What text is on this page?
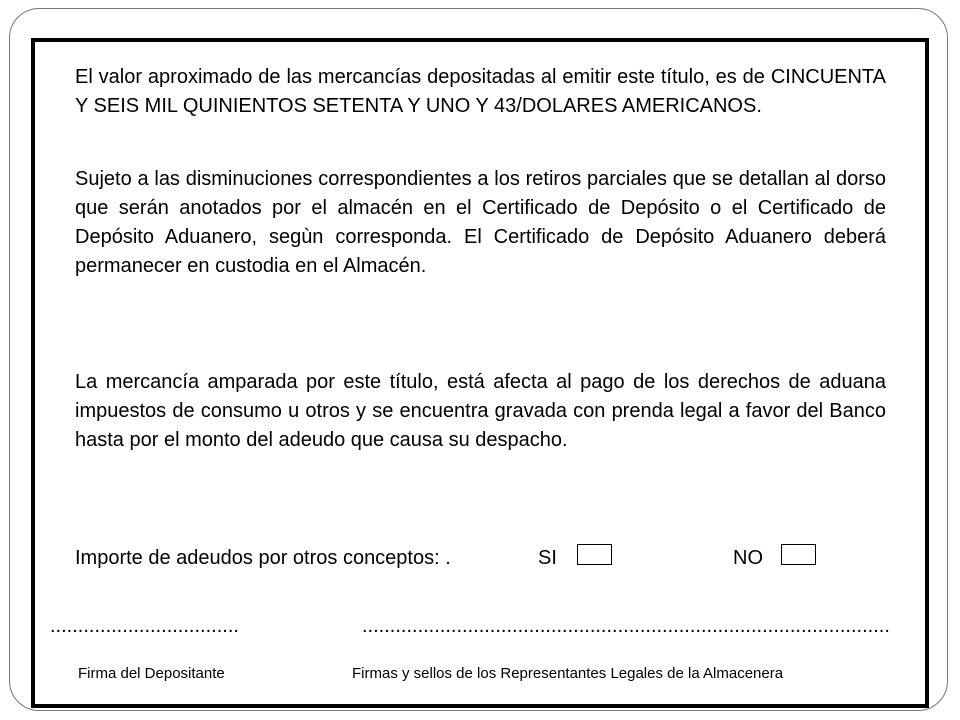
El valor aproximado de las mercancías depositadas al emitir este título, es de CINCUENTA Y SEIS MIL QUINIENTOS SETENTA Y UNO Y 43/DOLARES AMERICANOS.

Sujeto a las disminuciones correspondientes a los retiros parciales que se detallan al dorso que serán anotados por el almacén en el Certificado de Depósito o el Certificado de Depósito Aduanero, segùn corresponda. El Certificado de Depósito Aduanero deberá permanecer en custodia en el Almacén.

La mercancía amparada por este título, está afecta al pago de los derechos de aduana impuestos de consumo u otros y se encuentra gravada con prenda legal a favor del Banco hasta por el monto del adeudo que causa su despacho.

Importe de adeudos por otros conceptos: .	SI	NO
..................................	...............................................................................................
Firma del Depositante	Firmas y sellos de los Representantes Legales de la Almacenera
